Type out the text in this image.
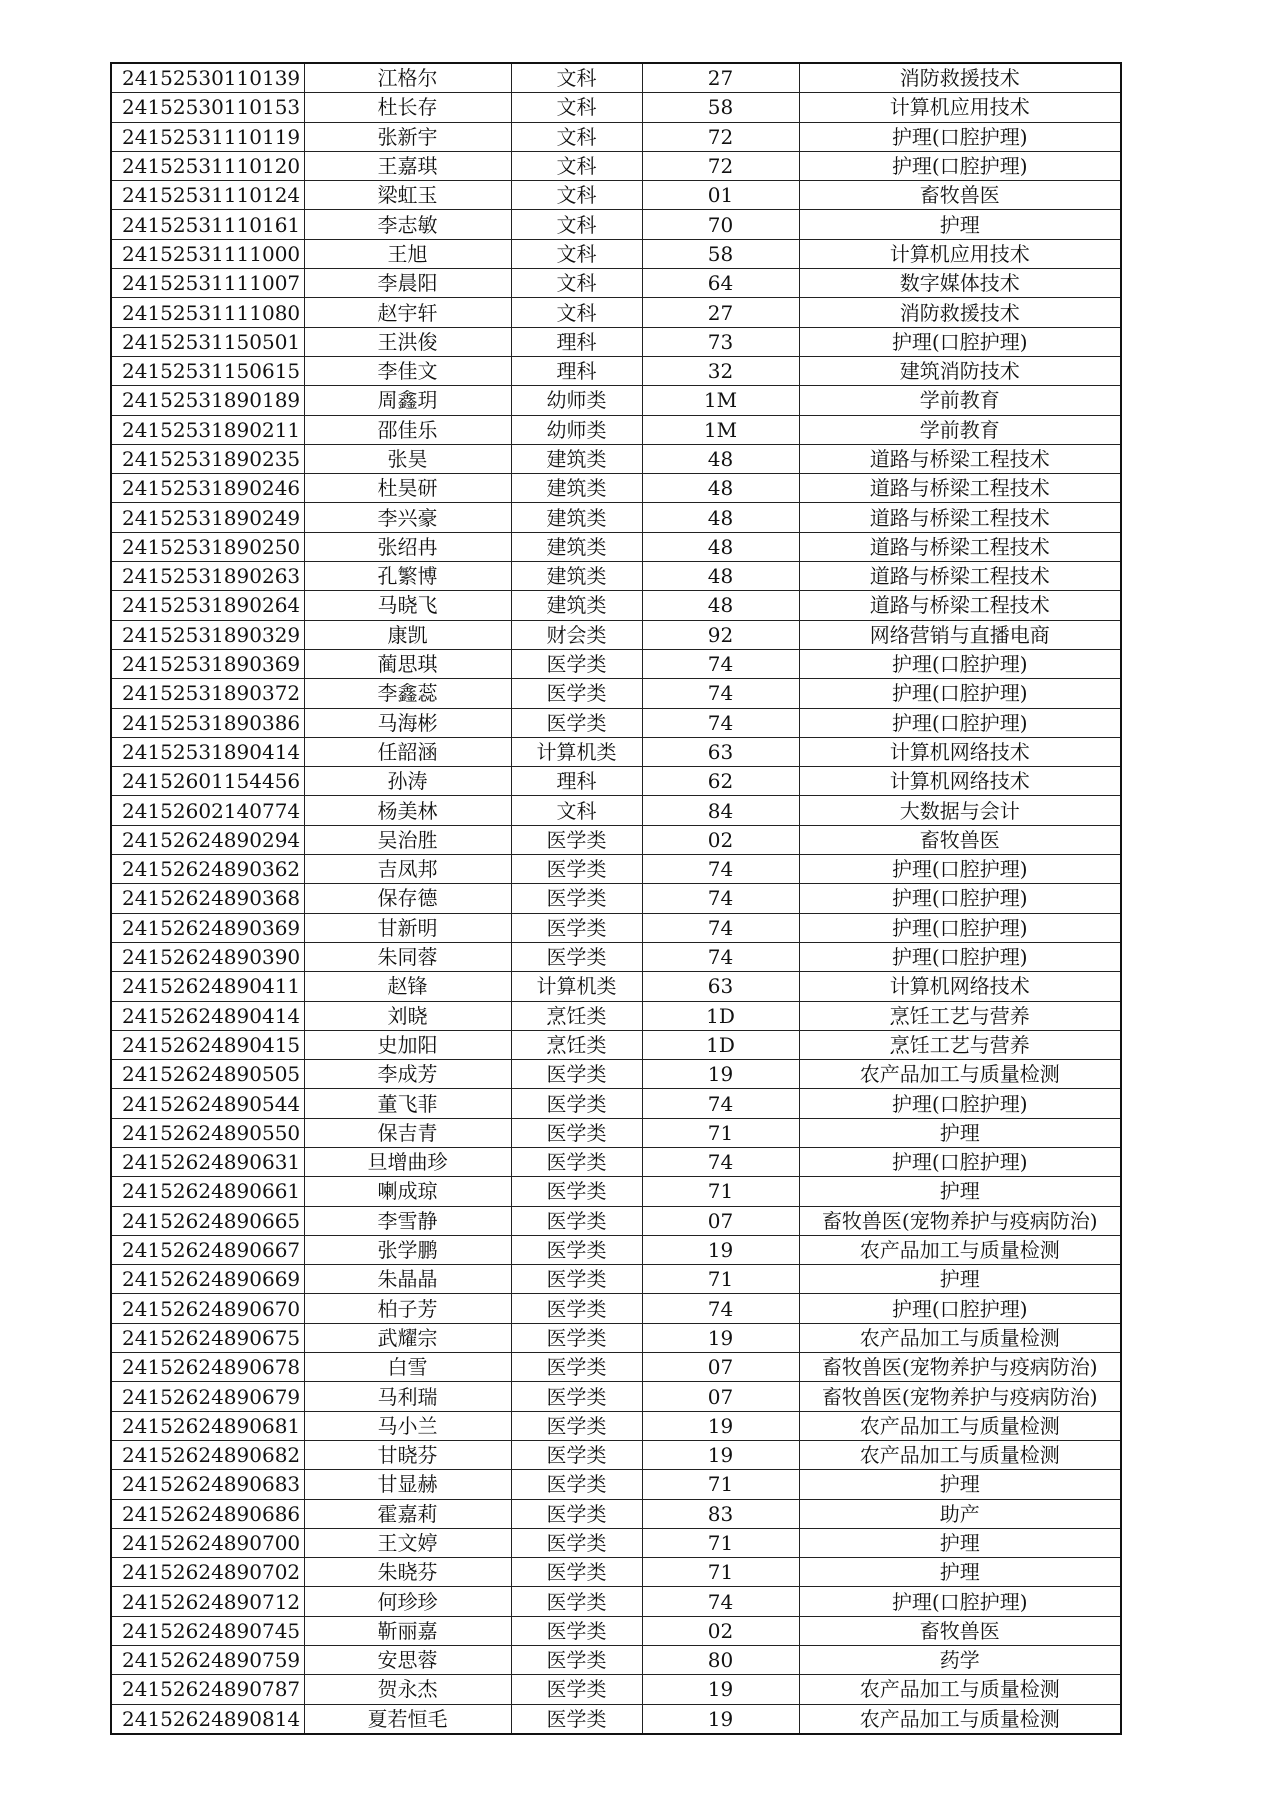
24152530110139	江格尔	文科	27	消防救援技术
24152530110153	杜长存	文科	58	计算机应用技术
24152531110119	张新宇	文科	72	护理(口腔护理)
24152531110120	王嘉琪	文科	72	护理(口腔护理)
24152531110124	梁虹玉	文科	01	畜牧兽医
24152531110161	李志敏	文科	70	护理
24152531111000	王旭	文科	58	计算机应用技术
24152531111007	李晨阳	文科	64	数字媒体技术
24152531111080	赵宇轩	文科	27	消防救援技术
24152531150501	王洪俊	理科	73	护理(口腔护理)
24152531150615	李佳文	理科	32	建筑消防技术
24152531890189	周鑫玥	幼师类	1M	学前教育
24152531890211	邵佳乐	幼师类	1M	学前教育
24152531890235	张昊	建筑类	48	道路与桥梁工程技术
24152531890246	杜昊研	建筑类	48	道路与桥梁工程技术
24152531890249	李兴豪	建筑类	48	道路与桥梁工程技术
24152531890250	张绍冉	建筑类	48	道路与桥梁工程技术
24152531890263	孔繁博	建筑类	48	道路与桥梁工程技术
24152531890264	马晓飞	建筑类	48	道路与桥梁工程技术
24152531890329	康凯	财会类	92	网络营销与直播电商
24152531890369	蔺思琪	医学类	74	护理(口腔护理)
24152531890372	李鑫蕊	医学类	74	护理(口腔护理)
24152531890386	马海彬	医学类	74	护理(口腔护理)
24152531890414	任韶涵	计算机类	63	计算机网络技术
24152601154456	孙涛	理科	62	计算机网络技术
24152602140774	杨美林	文科	84	大数据与会计
24152624890294	吴治胜	医学类	02	畜牧兽医
24152624890362	吉凤邦	医学类	74	护理(口腔护理)
24152624890368	保存德	医学类	74	护理(口腔护理)
24152624890369	甘新明	医学类	74	护理(口腔护理)
24152624890390	朱同蓉	医学类	74	护理(口腔护理)
24152624890411	赵锋	计算机类	63	计算机网络技术
24152624890414	刘晓	烹饪类	1D	烹饪工艺与营养
24152624890415	史加阳	烹饪类	1D	烹饪工艺与营养
24152624890505	李成芳	医学类	19	农产品加工与质量检测
24152624890544	董飞菲	医学类	74	护理(口腔护理)
24152624890550	保吉青	医学类	71	护理
24152624890631	旦增曲珍	医学类	74	护理(口腔护理)
24152624890661	喇成琼	医学类	71	护理
24152624890665	李雪静	医学类	07	畜牧兽医(宠物养护与疫病防治)
24152624890667	张学鹏	医学类	19	农产品加工与质量检测
24152624890669	朱晶晶	医学类	71	护理
24152624890670	柏子芳	医学类	74	护理(口腔护理)
24152624890675	武耀宗	医学类	19	农产品加工与质量检测
24152624890678	白雪	医学类	07	畜牧兽医(宠物养护与疫病防治)
24152624890679	马利瑞	医学类	07	畜牧兽医(宠物养护与疫病防治)
24152624890681	马小兰	医学类	19	农产品加工与质量检测
24152624890682	甘晓芬	医学类	19	农产品加工与质量检测
24152624890683	甘显赫	医学类	71	护理
24152624890686	霍嘉莉	医学类	83	助产
24152624890700	王文婷	医学类	71	护理
24152624890702	朱晓芬	医学类	71	护理
24152624890712	何珍珍	医学类	74	护理(口腔护理)
24152624890745	靳丽嘉	医学类	02	畜牧兽医
24152624890759	安思蓉	医学类	80	药学
24152624890787	贺永杰	医学类	19	农产品加工与质量检测
24152624890814	夏若恒毛	医学类	19	农产品加工与质量检测
